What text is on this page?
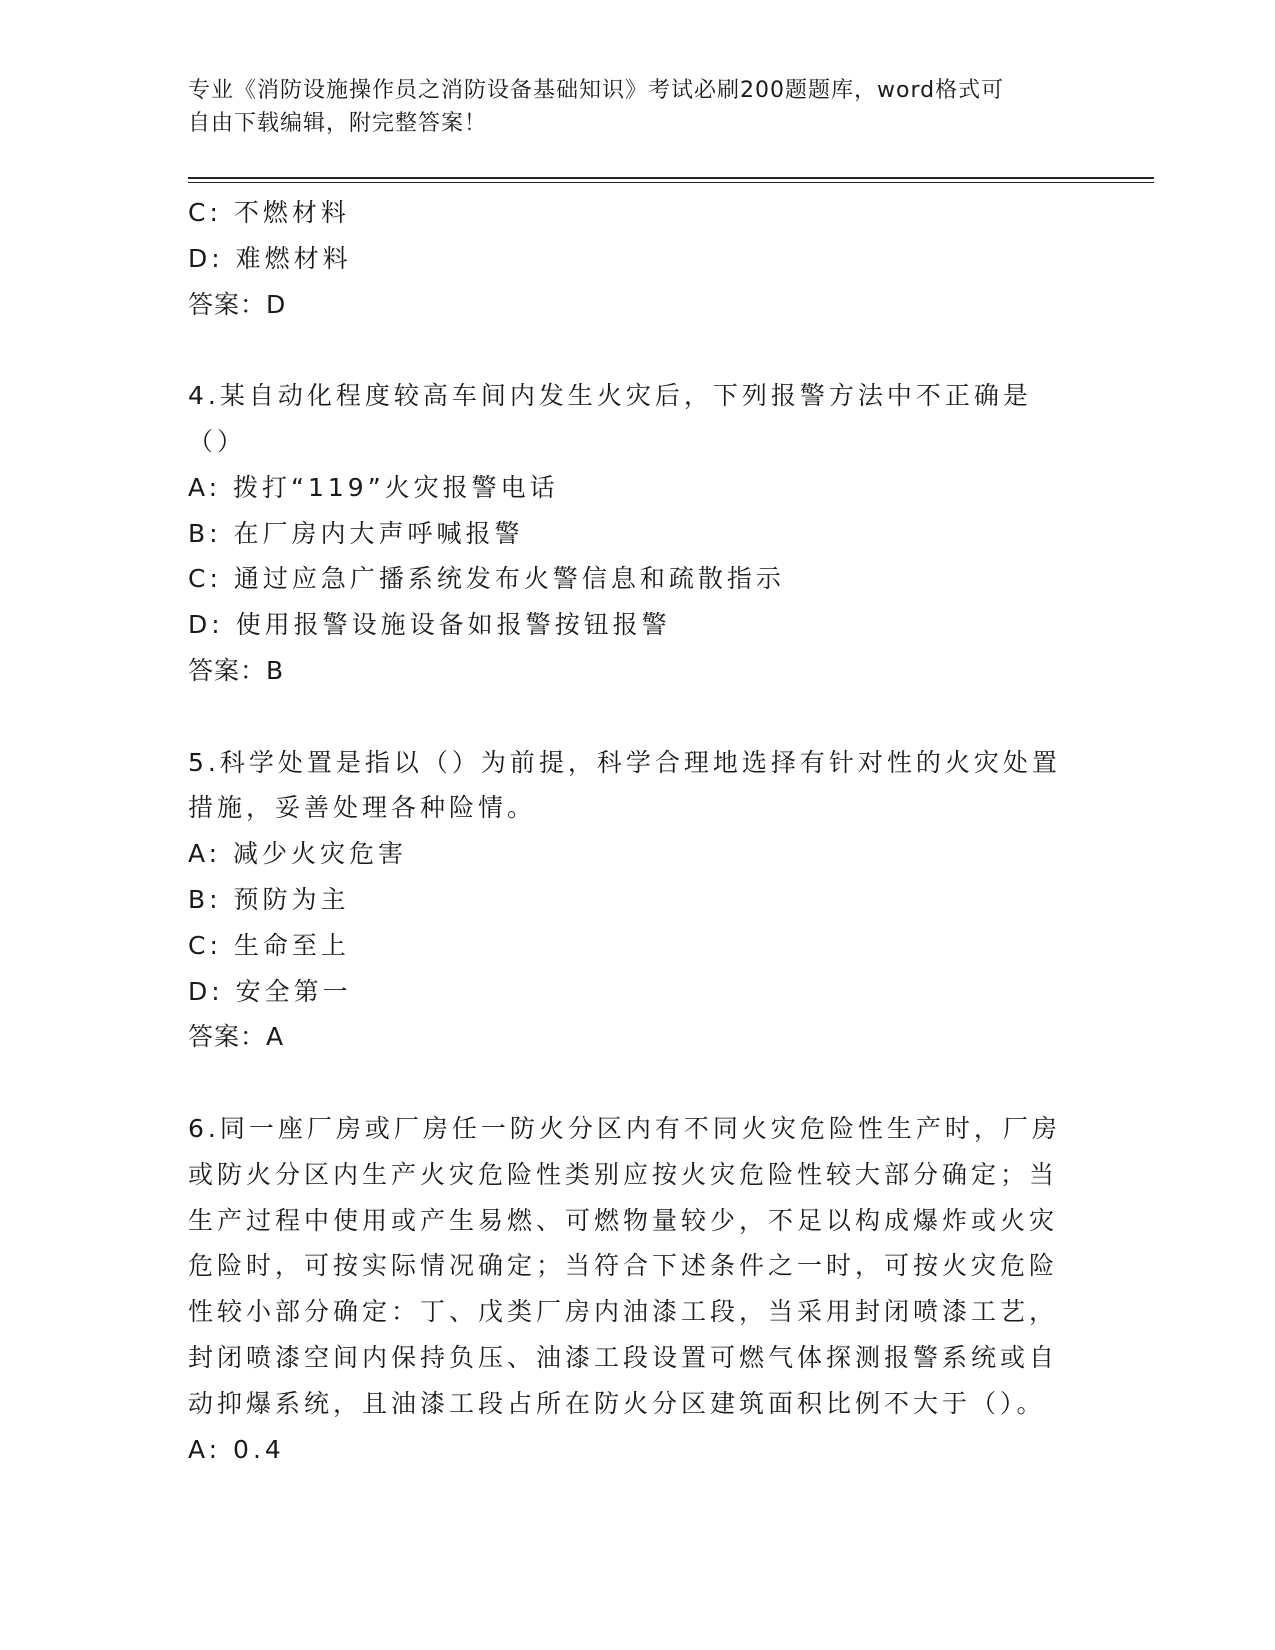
专业《消防设施操作员之消防设备基础知识》考试必刷200题题库，word格式可
自由下载编辑，附完整答案！
C: 不燃材料
D: 难燃材料
答案：D

4.某自动化程度较高车间内发生火灾后，下列报警方法中不正确是（）

A: 拨打“119”火灾报警电话
B: 在厂房内大声呼喊报警
C: 通过应急广播系统发布火警信息和疏散指示
D: 使用报警设施设备如报警按钮报警
答案：B

5.科学处置是指以（）为前提，科学合理地选择有针对性的火灾处置措施，妥善处理各种险情。

A: 减少火灾危害
B: 预防为主
C: 生命至上
D: 安全第一
答案：A

6.同一座厂房或厂房任一防火分区内有不同火灾危险性生产时，厂房或防火分区内生产火灾危险性类别应按火灾危险性较大部分确定；当生产过程中使用或产生易燃、可燃物量较少，不足以构成爆炸或火灾危险时，可按实际情况确定；当符合下述条件之一时，可按火灾危险性较小部分确定：丁、戊类厂房内油漆工段，当采用封闭喷漆工艺，封闭喷漆空间内保持负压、油漆工段设置可燃气体探测报警系统或自动抑爆系统，且油漆工段占所在防火分区建筑面积比例不大于（）。

A: 0.4
